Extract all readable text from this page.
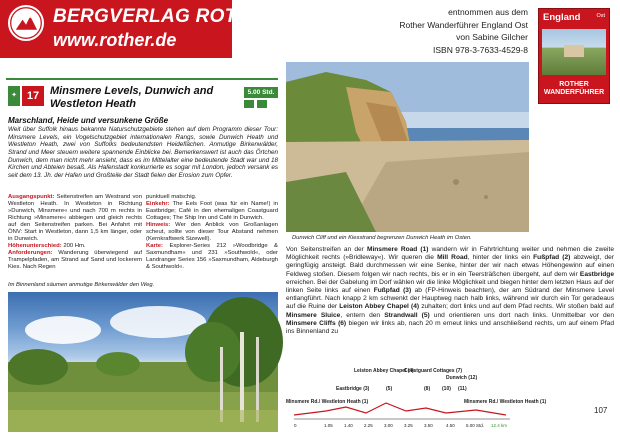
BERGVERLAG ROTHER
www.rother.de
entnommen aus dem
Rother Wanderführer England Ost
von Sabine Gilcher
ISBN 978-3-7633-4529-8
England	Ost
ROTHER
WANDERFÜHRER
✦ 17 Minsmere Levels, Dunwich and Westleton Heath
5.00 Std.
Marschland, Heide und versunkene Größe
Weit über Suffolk hinaus bekannte Naturschutzgebiete stehen auf dem Programm dieser Tour: Minsmere Levels, ein Vogelschutzgebiet internationalen Rangs, sowie Dunwich Heath und Westleton Heath, zwei von Suffolks bedeutendsten Heideflächen. Anmutige Birkenwälder, Strand und Meer steuern weitere spannende Einblicke bei. Bemerkenswert ist auch das Örtchen Dunwich, dem man nicht mehr ansieht, dass es im Mittelalter eine bedeutende Stadt war und 18 Kirchen und Abteien besaß. Als Hafenstadt konkurrierte es sogar mit London, jedoch versank es seit dem 13. Jh. der Hafen und Großteile der Stadt fielen der Erosion zum Opfer.
Ausgangspunkt: Seitenstreifen am Westrand von Westleton Heath. In Westleton in Richtung »Dunwich, Minsmere« und nach 700 m rechts in Richtung »Minsmere« abbiegen und gleich rechts auf den Seitenstreifen parken. Bei Anfahrt mit ÖNV: Start in Westleton, dann 1,5 km länger, oder in Dunwich.
Höhenunterschied: 200 Hm.
Anforderungen: Wanderung überwiegend auf Trampelpfaden, am Strand auf Sand und lockerem Kies. Nach Regen
punktuell matschig.
Einkehr: The Eels Foot (was für ein Name!) in Eastbridge; Café in den ehemaligen Coastguard Cottages; The Ship Inn und Café in Dunwich.
Hinweis: Wer den Anblick von Großanlagen scheut, sollte von dieser Tour Abstand nehmen (Kernkraftwerk Sizewell).
Karte: Explorer-Series 212 »Woodbridge & Saxmundham« und 231 »Southwold«, oder Landranger Series 156 »Saxmundham, Aldeburgh & Southwold«.
Im Binnenland säumen anmutige Birkenwälder den Weg.
Dunwich Cliff und ein Kiesstrand begrenzen Dunwich Heath im Osten.
Von Seitenstreifen an der Minsmere Road (1) wandern wir in Fahrtrichtung weiter und nehmen die zweite Möglichkeit rechts (»Bridleway«). Wir queren die Mill Road, hinter der links ein Fußpfad (2) abzweigt, der geringfügig ansteigt. Bald durchmessen wir eine Senke, hinter der wir nach etwas Höhengewinn auf einen Feldweg stoßen. Diesem folgen wir nach rechts, bis er in ein Teersträßchen übergeht, auf dem wir Eastbridge erreichen. Bei der Gabelung im Dorf wählen wir die linke Möglichkeit und biegen hinter dem letzten Haus auf der linken Seite links auf einen Fußpfad (3) ab (FP-Hinweis beachten), der am Südrand der Minsmere Level entlangführt. Nach knapp 2 km schwenkt der Hauptweg nach halb links, während wir durch ein Tor geradeaus auf die Ruine der Leiston Abbey Chapel (4) zuhalten; dort links und auf dem Pfad rechts. Wir stoßen bald auf Minsmere Sluice, entern den Strandwall (5) und orientieren uns dort nach links. Unmittelbar vor den Minsmere Cliffs (6) biegen wir links ab, nach 20 m erneut links und anschließend rechts, um auf einem Pfad ins Binnenland zu
Leiston Abbey Chapel (4)
Coastguard Cottages (7)
Dunwich (12)
Eastbridge (3)	(5)	(8) (10) (11)
Minsmere Rd./ Westleton Heath (1)	Minsmere Rd./ Westleton Heath (1)
0	1.05 1.40 2.25 3.00 3.25 3.50	4.50 5.00 Std. 12.4 km
107
